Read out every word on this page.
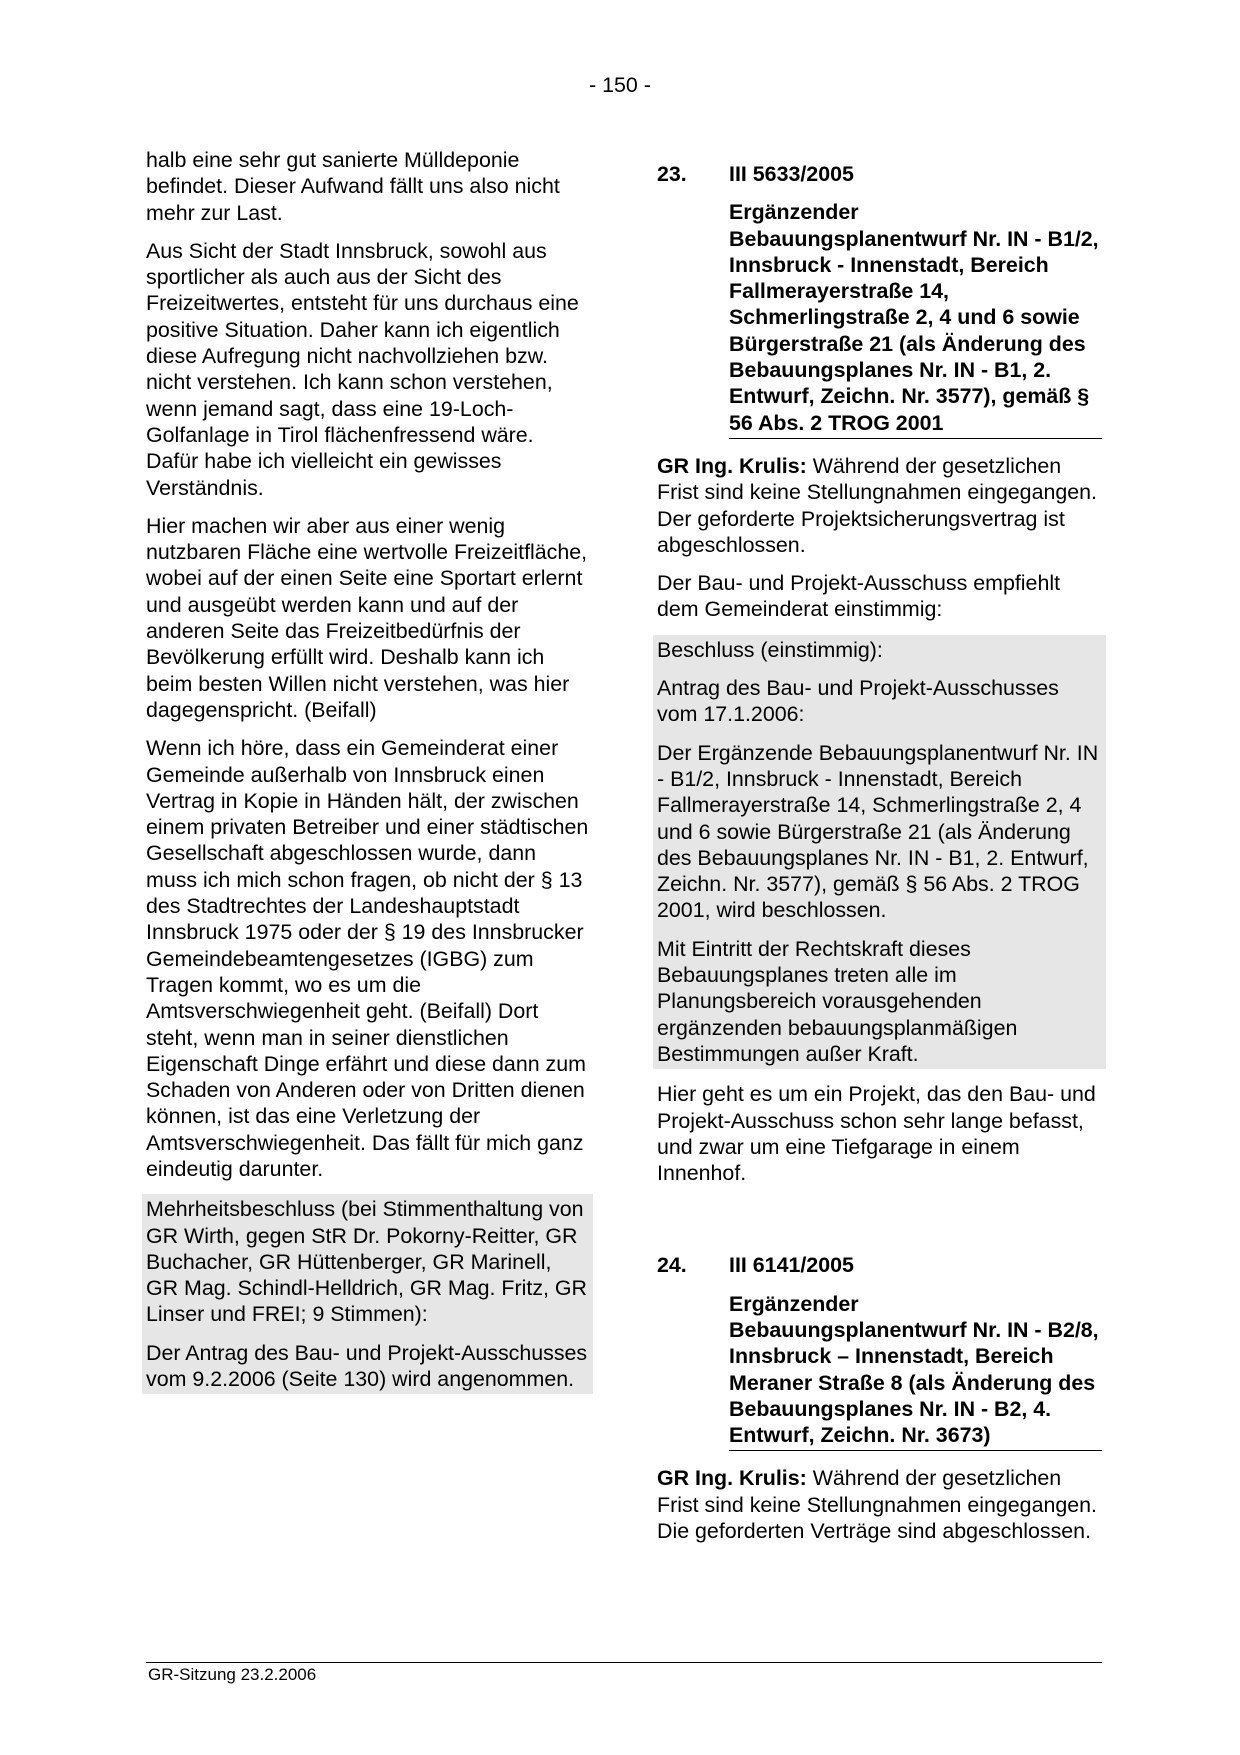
- 150 -

halb eine sehr gut sanierte Mülldeponie befindet. Dieser Aufwand fällt uns also nicht mehr zur Last.

Aus Sicht der Stadt Innsbruck, sowohl aus sportlicher als auch aus der Sicht des Freizeitwertes, entsteht für uns durchaus eine positive Situation. Daher kann ich eigentlich diese Aufregung nicht nachvollziehen bzw. nicht verstehen. Ich kann schon verstehen, wenn jemand sagt, dass eine 19-Loch-Golfanlage in Tirol flächenfressend wäre. Dafür habe ich vielleicht ein gewisses Verständnis.

Hier machen wir aber aus einer wenig nutzbaren Fläche eine wertvolle Freizeitfläche, wobei auf der einen Seite eine Sportart erlernt und ausgeübt werden kann und auf der anderen Seite das Freizeitbedürfnis der Bevölkerung erfüllt wird. Deshalb kann ich beim besten Willen nicht verstehen, was hier dagegenspricht. (Beifall)

Wenn ich höre, dass ein Gemeinderat einer Gemeinde außerhalb von Innsbruck einen Vertrag in Kopie in Händen hält, der zwischen einem privaten Betreiber und einer städtischen Gesellschaft abgeschlossen wurde, dann muss ich mich schon fragen, ob nicht der § 13 des Stadtrechtes der Landeshauptstadt Innsbruck 1975 oder der § 19 des Innsbrucker Gemeindebeamtengesetzes (IGBG) zum Tragen kommt, wo es um die Amtsverschwiegenheit geht. (Beifall) Dort steht, wenn man in seiner dienstlichen Eigenschaft Dinge erfährt und diese dann zum Schaden von Anderen oder von Dritten dienen können, ist das eine Verletzung der Amtsverschwiegenheit. Das fällt für mich ganz eindeutig darunter.

Mehrheitsbeschluss (bei Stimmenthaltung von GR Wirth, gegen StR Dr. Pokorny-Reitter, GR Buchacher, GR Hüttenberger, GR Marinell, GR Mag. Schindl-Helldrich, GR Mag. Fritz, GR Linser und FREI; 9 Stimmen):

Der Antrag des Bau- und Projekt-Ausschusses vom 9.2.2006 (Seite 130) wird angenommen.

23.	III 5633/2005
Ergänzender Bebauungsplanentwurf Nr. IN - B1/2, Innsbruck - Innenstadt, Bereich Fallmerayerstraße 14, Schmerlingstraße 2, 4 und 6 sowie Bürgerstraße 21 (als Änderung des Bebauungsplanes Nr. IN - B1, 2. Entwurf, Zeichn. Nr. 3577), gemäß § 56 Abs. 2 TROG 2001

GR Ing. Krulis: Während der gesetzlichen Frist sind keine Stellungnahmen eingegangen. Der geforderte Projektsicherungsvertrag ist abgeschlossen.

Der Bau- und Projekt-Ausschuss empfiehlt dem Gemeinderat einstimmig:

Beschluss (einstimmig):

Antrag des Bau- und Projekt-Ausschusses vom 17.1.2006:

Der Ergänzende Bebauungsplanentwurf Nr. IN - B1/2, Innsbruck - Innenstadt, Bereich Fallmerayerstraße 14, Schmerlingstraße 2, 4 und 6 sowie Bürgerstraße 21 (als Änderung des Bebauungsplanes Nr. IN - B1, 2. Entwurf, Zeichn. Nr. 3577), gemäß § 56 Abs. 2 TROG 2001, wird beschlossen.

Mit Eintritt der Rechtskraft dieses Bebauungsplanes treten alle im Planungsbereich vorausgehenden ergänzenden bebauungsplanmäßigen Bestimmungen außer Kraft.

Hier geht es um ein Projekt, das den Bau- und Projekt-Ausschuss schon sehr lange befasst, und zwar um eine Tiefgarage in einem Innenhof.

24.	III 6141/2005
Ergänzender Bebauungsplanentwurf Nr. IN - B2/8, Innsbruck – Innenstadt, Bereich Meraner Straße 8 (als Änderung des Bebauungsplanes Nr. IN - B2, 4. Entwurf, Zeichn. Nr. 3673)

GR Ing. Krulis: Während der gesetzlichen Frist sind keine Stellungnahmen eingegangen. Die geforderten Verträge sind abgeschlossen.

GR-Sitzung 23.2.2006
